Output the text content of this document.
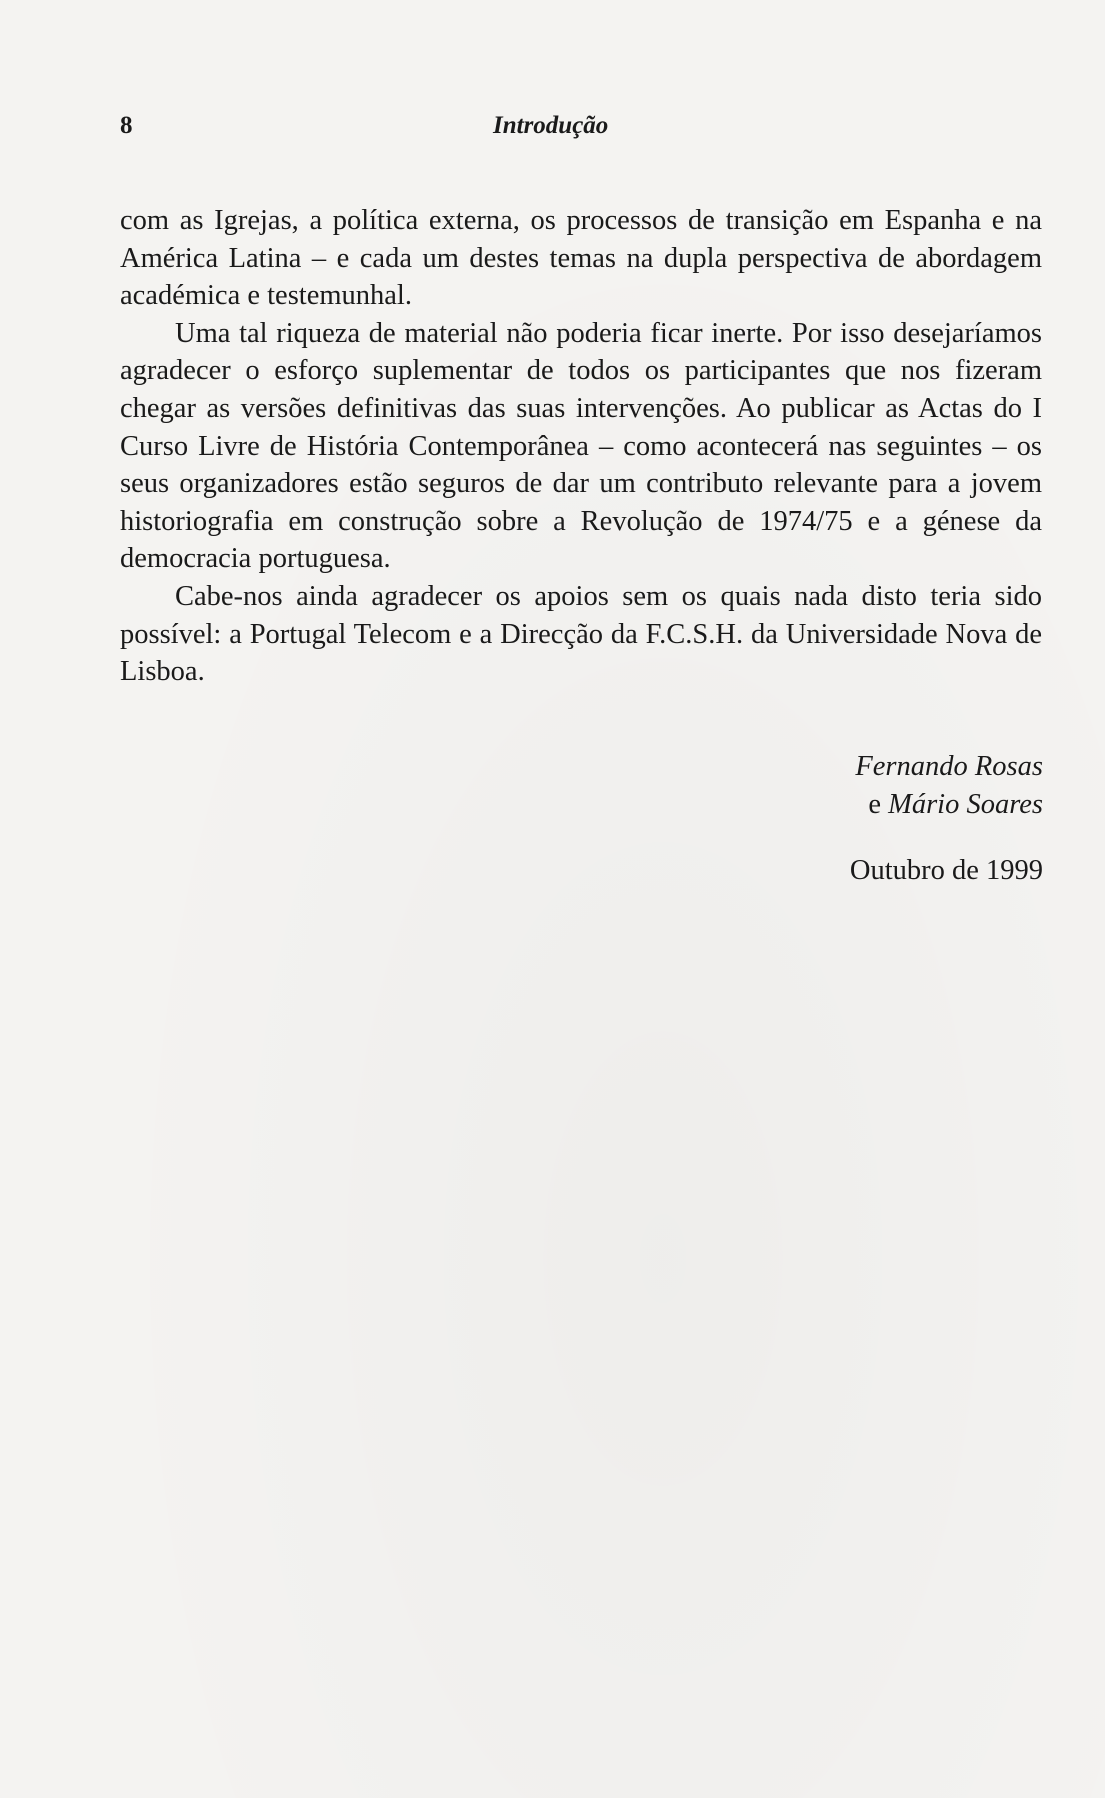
8	Introdução

com as Igrejas, a política externa, os processos de transição em Espanha e na América Latina – e cada um destes temas na dupla perspectiva de abordagem académica e testemunhal.

Uma tal riqueza de material não poderia ficar inerte. Por isso desejaríamos agradecer o esforço suplementar de todos os participantes que nos fizeram chegar as versões definitivas das suas intervenções. Ao publicar as Actas do I Curso Livre de História Contemporânea – como acontecerá nas seguintes – os seus organizadores estão seguros de dar um contributo relevante para a jovem historiografia em construção sobre a Revolução de 1974/75 e a génese da democracia portuguesa.

Cabe-nos ainda agradecer os apoios sem os quais nada disto teria sido possível: a Portugal Telecom e a Direcção da F.C.S.H. da Universidade Nova de Lisboa.

Fernando Rosas
e Mário Soares
Outubro de 1999
